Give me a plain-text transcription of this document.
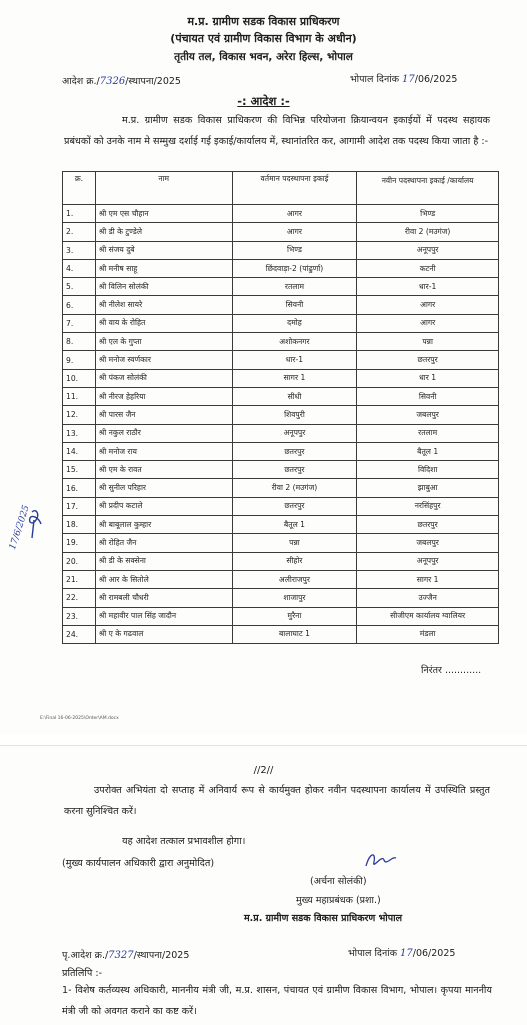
म.प्र. ग्रामीण सडक विकास प्राधिकरण
(पंचायत एवं ग्रामीण विकास विभाग के अधीन)
तृतीय तल, विकास भवन, अरेरा हिल्स, भोपाल
आदेश क्र./7326/स्थापना/2025	भोपाल दिनांक 17/06/2025
-: आदेश :-
म.प्र. ग्रामीण सडक विकास प्राधिकरण की विभिन्न परियोजना क्रियान्वयन इकाईयों में पदस्थ सहायक प्रबंधकों को उनके नाम मे सम्मुख दर्शाई गई इकाई/कार्यालय में, स्थानांतरित कर, आगामी आदेश तक पदस्थ किया जाता है :-
क्र.	नाम	वर्तमान पदस्थापना इकाई	नवीन पदस्थापना इकाई /कार्यालय
1.	श्री एम एस चौहान	आगर	भिण्ड
2.	श्री डी के टुण्डेले	आगर	रीवा 2 (मउगंज)
3.	श्री संजय दुबे	भिण्ड	अनूपपुर
4.	श्री मनीष साहू	छिंदवाड़ा-2 (पांढुर्णा)	कटनी
5.	श्री विलिन सोलंकी	रतलाम	धार-1
6.	श्री नीलेश सायरे	सिवनी	आगर
7.	श्री वाय के रोहित	दमोह	आगर
8.	श्री एल के गुप्ता	अशोकनगर	पन्ना
9.	श्री मनोज स्वर्णकार	धार-1	छतरपुर
10.	श्री पंकज सोलंकी	सागर 1	धार 1
11.	श्री नीरज हेहरिया	सीधी	सिवनी
12.	श्री पारस जैन	शिवपुरी	जबलपुर
13.	श्री नकुल राठौर	अनूपपुर	रतलाम
14.	श्री मनोज राय	छतरपुर	बैतूल 1
15.	श्री एम के रावत	छतरपुर	विदिशा
16.	श्री सुनील परिहार	रीवा 2 (मउगंज)	झाबुआ
17.	श्री प्रदीप कटाले	छतरपुर	नरसिंहपुर
18.	श्री बाबूलाल कुम्हार	बैतूल 1	छतरपुर
19.	श्री रोहित जैन	पन्ना	जबलपुर
20.	श्री डी के सक्सेना	सीहोर	अनूपपुर
21.	श्री आर के सितोले	अलीराजपुर	सागर 1
22.	श्री रामबली चौधरी	शाजापुर	उज्जैन
23.	श्री महावीर पाल सिंह जादौन	मुरैना	सीजीएम कार्यालय ग्वालियर
24.	श्री ए के गढवाल	बालाघाट 1	मंडला
निरंतर ............
E:\Final 16-06-2025\Order\AM.docx
17/6/2025
//2//
उपरोक्त अभियंता दो सप्ताह में अनिवार्य रूप से कार्यमुक्त होकर नवीन पदस्थापना कार्यालय में उपस्थिति प्रस्तुत करना सुनिश्चित करें।
यह आदेश तत्काल प्रभावशील होगा।
(मुख्य कार्यपालन अधिकारी द्वारा अनुमोदित)
(अर्चना सोलंकी)
मुख्य महाप्रबंधक (प्रशा.)
म.प्र. ग्रामीण सडक विकास प्राधिकरण भोपाल
पृ.आदेश क्र./7327/स्थापना/2025	भोपाल दिनांक 17/06/2025
प्रतिलिपि :-
1- विशेष कर्तव्यस्थ अधिकारी, माननीय मंत्री जी, म.प्र. शासन, पंचायत एवं ग्रामीण विकास विभाग, भोपाल। कृपया माननीय मंत्री जी को अवगत कराने का कष्ट करें।
